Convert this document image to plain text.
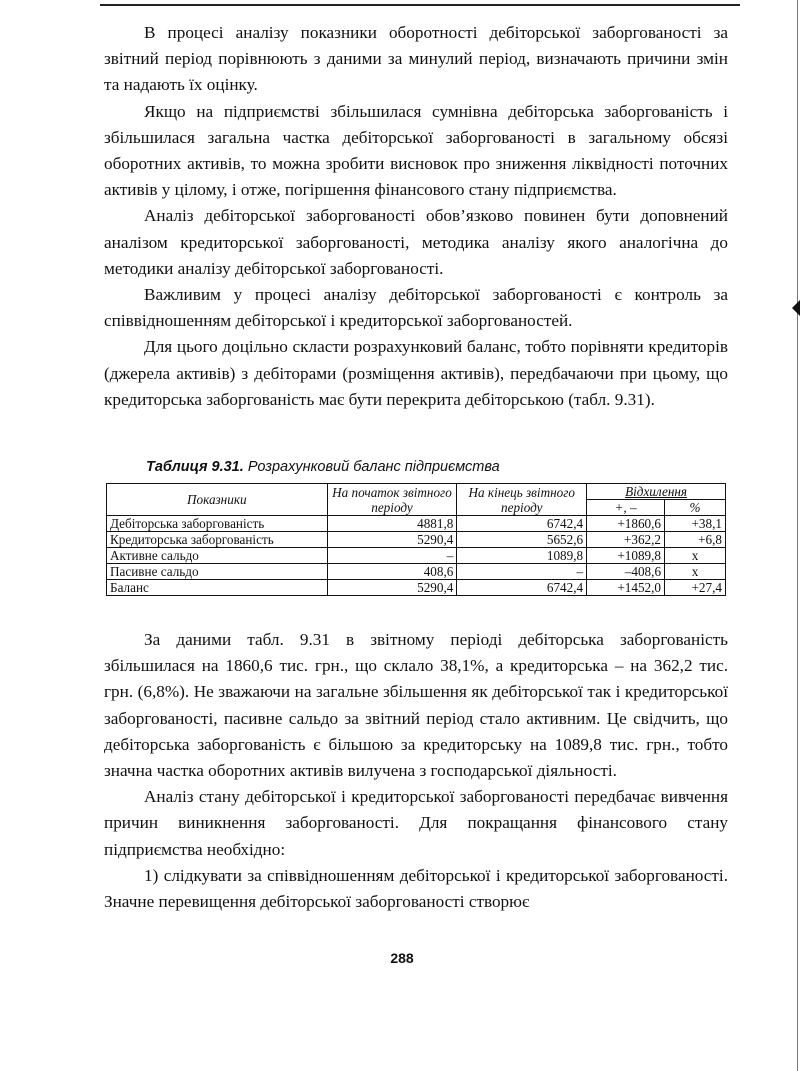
В процесі аналізу показники оборотності дебіторської заборгованості за звітний період порівнюють з даними за минулий період, визначають причини змін та надають їх оцінку.

Якщо на підприємстві збільшилася сумнівна дебіторська заборгованість і збільшилася загальна частка дебіторської заборгованості в загальному обсязі оборотних активів, то можна зробити висновок про зниження ліквідності поточних активів у цілому, і отже, погіршення фінансового стану підприємства.

Аналіз дебіторської заборгованості обов’язково повинен бути доповнений аналізом кредиторської заборгованості, методика аналізу якого аналогічна до методики аналізу дебіторської заборгованості.

Важливим у процесі аналізу дебіторської заборгованості є контроль за співвідношенням дебіторської і кредиторської заборгованостей.

Для цього доцільно скласти розрахунковий баланс, тобто порівняти кредиторів (джерела активів) з дебіторами (розміщення активів), передбачаючи при цьому, що кредиторська заборгованість має бути перекрита дебіторською (табл. 9.31).

Таблиця 9.31. Розрахунковий баланс підприємства
Показники	На початок звітного періоду	На кінець звітного періоду	Відхилення	
			+, –	%
Дебіторська заборгованість	4881,8	6742,4	+1860,6	+38,1
Кредиторська заборгованість	5290,4	5652,6	+362,2	+6,8
Активне сальдо	–	1089,8	+1089,8	х
Пасивне сальдо	408,6	–	–408,6	х
Баланс	5290,4	6742,4	+1452,0	+27,4

За даними табл. 9.31 в звітному періоді дебіторська заборгованість збільшилася на 1860,6 тис. грн., що склало 38,1%, а кредиторська – на 362,2 тис. грн. (6,8%). Не зважаючи на загальне збільшення як дебіторської так і кредиторської заборгованості, пасивне сальдо за звітний період стало активним. Це свідчить, що дебіторська заборгованість є більшою за кредиторську на 1089,8 тис. грн., тобто значна частка оборотних активів вилучена з господарської діяльності.

Аналіз стану дебіторської і кредиторської заборгованості передбачає вивчення причин виникнення заборгованості. Для покращання фінансового стану підприємства необхідно:

1) слідкувати за співвідношенням дебіторської і кредиторської заборгованості. Значне перевищення дебіторської заборгованості створює

288
